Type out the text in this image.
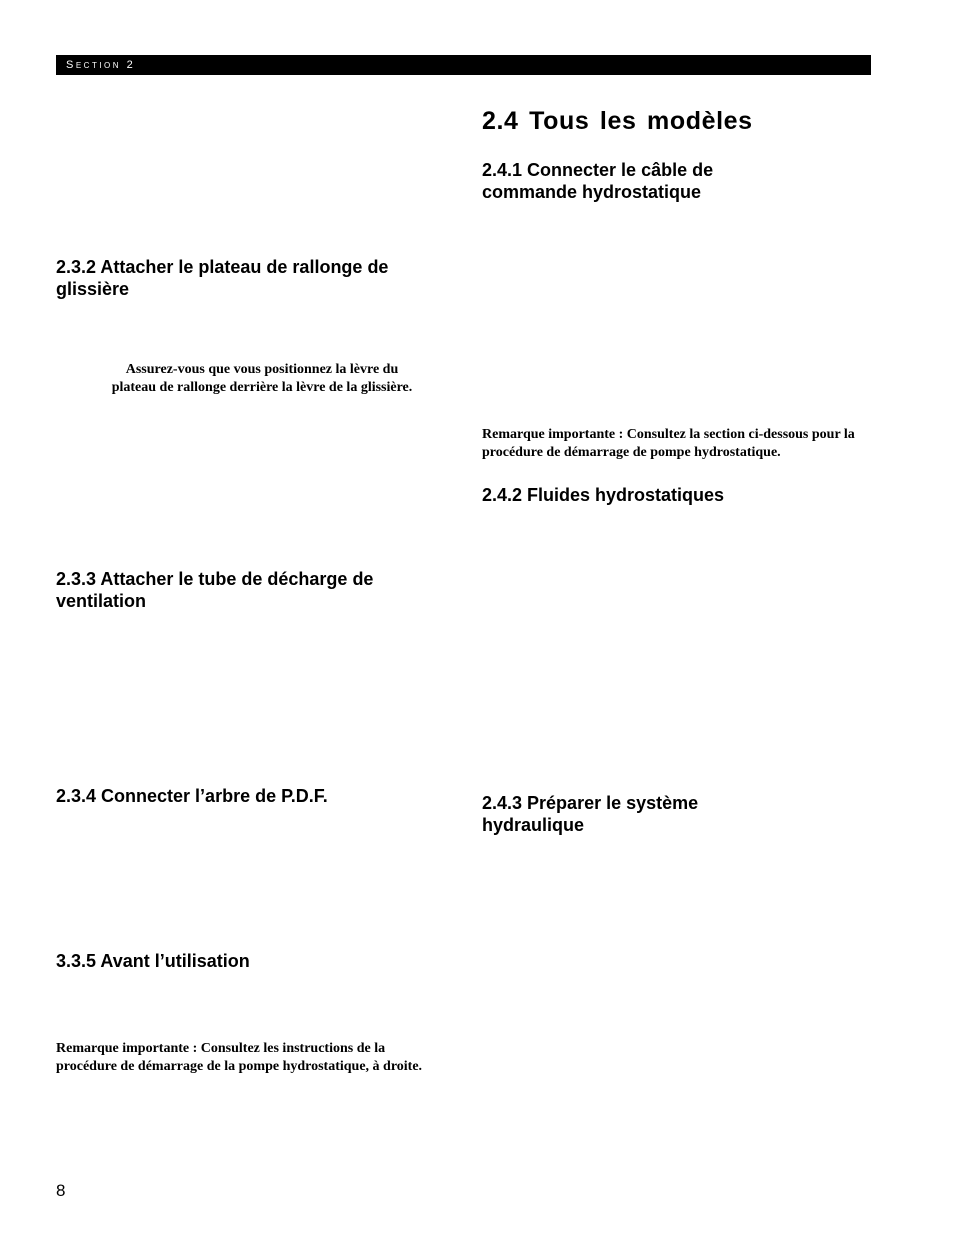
Section 2
2.3.2 Attacher le plateau de rallonge de glissière

Assurez-vous que vous positionnez la lèvre du
plateau de rallonge derrière la lèvre de la glissière.

2.3.3 Attacher le tube de décharge de ventilation
2.3.4 Connecter l’arbre de P.D.F.
3.3.5 Avant l’utilisation

Remarque importante : Consultez les instructions de la procédure de démarrage de la pompe hydrostatique, à droite.

2.4 Tous les modèles
2.4.1 Connecter le câble de commande hydrostatique

Remarque importante : Consultez la section ci-dessous pour la procédure de démarrage de pompe hydrostatique.

2.4.2 Fluides hydrostatiques
2.4.3 Préparer le système hydraulique
8
